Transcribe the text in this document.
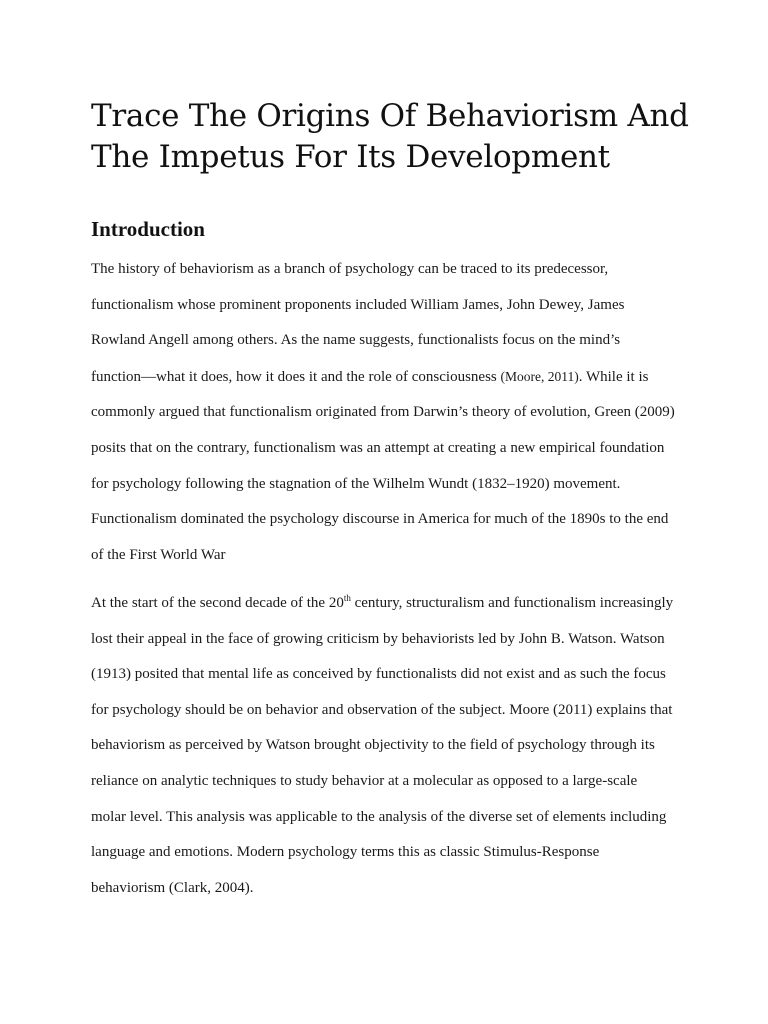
Trace The Origins Of Behaviorism And
The Impetus For Its Development
Introduction
The history of behaviorism as a branch of psychology can be traced to its predecessor,
functionalism whose prominent proponents included William James, John Dewey, James
Rowland Angell among others. As the name suggests, functionalists focus on the mind’s
function—what it does, how it does it and the role of consciousness (Moore, 2011). While it is
commonly argued that functionalism originated from Darwin’s theory of evolution, Green (2009)
posits that on the contrary, functionalism was an attempt at creating a new empirical foundation
for psychology following the stagnation of the Wilhelm Wundt (1832–1920) movement.
Functionalism dominated the psychology discourse in America for much of the 1890s to the end
of the First World War
At the start of the second decade of the 20th century, structuralism and functionalism increasingly
lost their appeal in the face of growing criticism by behaviorists led by John B. Watson. Watson
(1913) posited that mental life as conceived by functionalists did not exist and as such the focus
for psychology should be on behavior and observation of the subject. Moore (2011) explains that
behaviorism as perceived by Watson brought objectivity to the field of psychology through its
reliance on analytic techniques to study behavior at a molecular as opposed to a large-scale
molar level. This analysis was applicable to the analysis of the diverse set of elements including
language and emotions. Modern psychology terms this as classic Stimulus-Response
behaviorism (Clark, 2004).
